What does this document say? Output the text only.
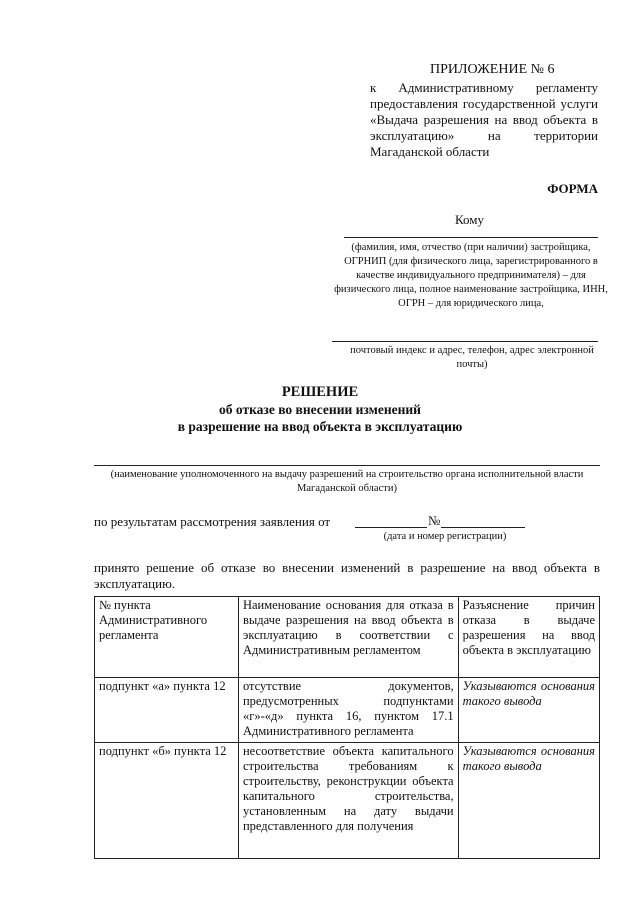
ПРИЛОЖЕНИЕ № 6
к Административному регламенту предоставления государственной услуги «Выдача разрешения на ввод объекта в эксплуатацию» на территории Магаданской области
ФОРМА
Кому
(фамилия, имя, отчество (при наличии) застройщика, ОГРНИП (для физического лица, зарегистрированного в качестве индивидуального предпринимателя) – для физического лица, полное наименование застройщика, ИНН, ОГРН – для юридического лица,
почтовый индекс и адрес, телефон, адрес электронной почты)
РЕШЕНИЕ
об отказе во внесении изменений
в разрешение на ввод объекта в эксплуатацию
(наименование уполномоченного на выдачу разрешений на строительство органа исполнительной власти Магаданской области)
по результатам рассмотрения заявления от	№
(дата и номер регистрации)
принято решение об отказе во внесении изменений в разрешение на ввод объекта в эксплуатацию.
№ пункта Административного регламента	Наименование основания для отказа в выдаче разрешения на ввод объекта в эксплуатацию в соответствии с Административным регламентом	Разъяснение причин отказа в выдаче разрешения на ввод объекта в эксплуатацию
подпункт «а» пункта 12	отсутствие документов, предусмотренных подпунктами «г»-«д» пункта 16, пунктом 17.1 Административного регламента	Указываются основания такого вывода
подпункт «б» пункта 12	несоответствие объекта капитального строительства требованиям к строительству, реконструкции объекта капитального строительства, установленным на дату выдачи представленного для получения	Указываются основания такого вывода
